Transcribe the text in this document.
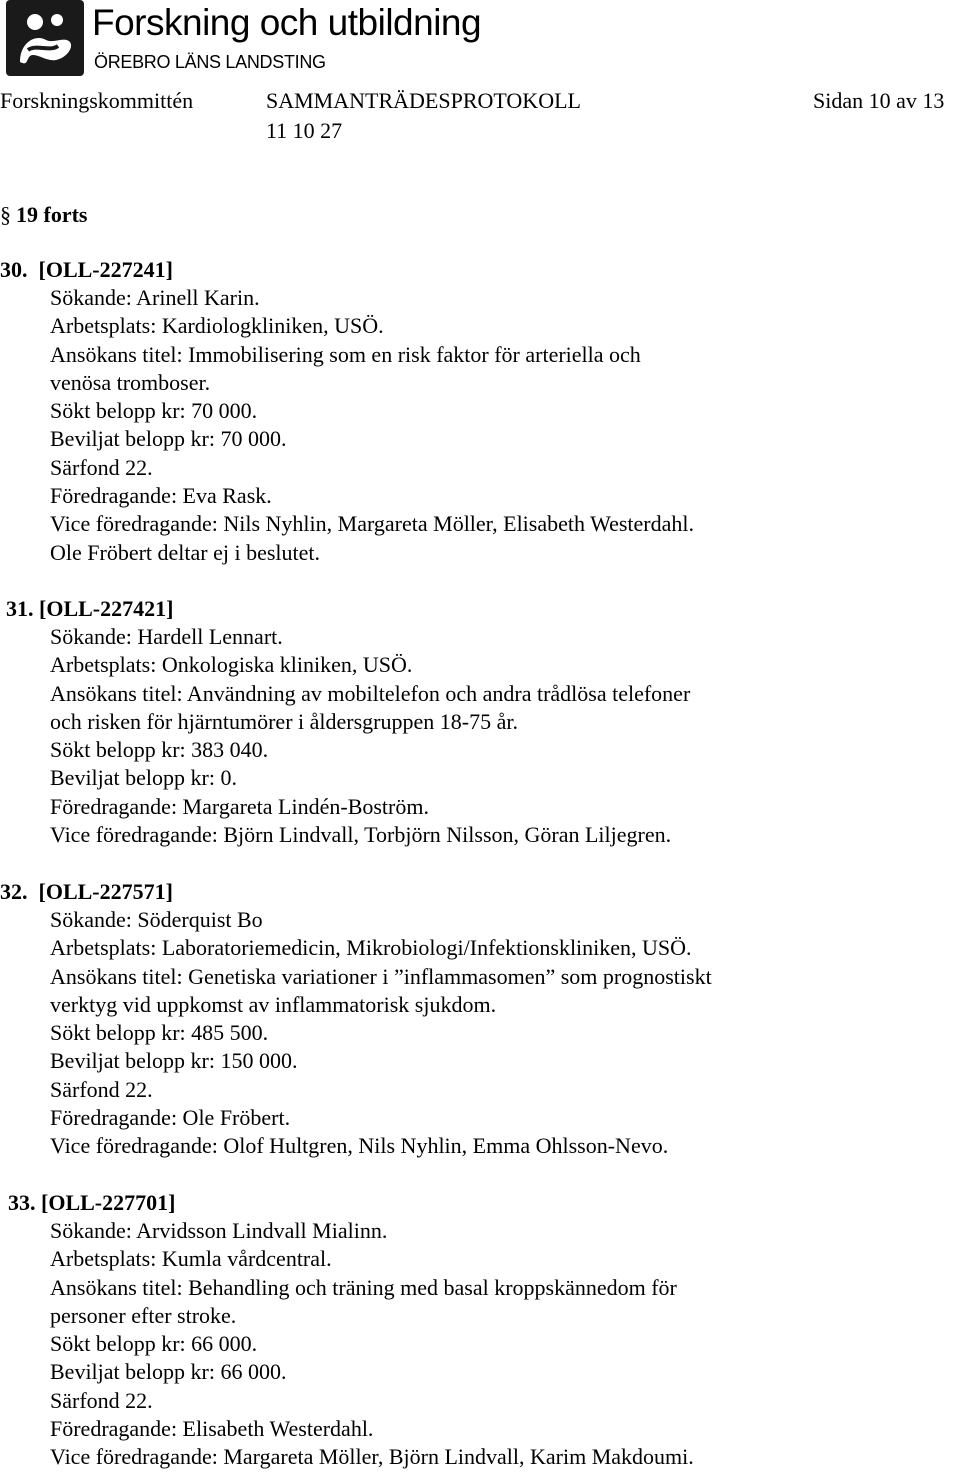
Forskning och utbildning
ÖREBRO LÄNS LANDSTING
Forskningskommittén	SAMMANTRÄDESPROTOKOLL	Sidan 10 av 13
11 10 27
§ 19 forts
30. [OLL-227241]
Sökande: Arinell Karin.
Arbetsplats: Kardiologkliniken, USÖ.
Ansökans titel: Immobilisering som en risk faktor för arteriella och
venösa tromboser.
Sökt belopp kr: 70 000.
Beviljat belopp kr: 70 000.
Särfond 22.
Föredragande: Eva Rask.
Vice föredragande: Nils Nyhlin, Margareta Möller, Elisabeth Westerdahl.
Ole Fröbert deltar ej i beslutet.
31. [OLL-227421]
Sökande: Hardell Lennart.
Arbetsplats: Onkologiska kliniken, USÖ.
Ansökans titel: Användning av mobiltelefon och andra trådlösa telefoner
och risken för hjärntumörer i åldersgruppen 18-75 år.
Sökt belopp kr: 383 040.
Beviljat belopp kr: 0.
Föredragande: Margareta Lindén-Boström.
Vice föredragande: Björn Lindvall, Torbjörn Nilsson, Göran Liljegren.
32. [OLL-227571]
Sökande: Söderquist Bo
Arbetsplats: Laboratoriemedicin, Mikrobiologi/Infektionskliniken, USÖ.
Ansökans titel: Genetiska variationer i ”inflammasomen” som prognostiskt
verktyg vid uppkomst av inflammatorisk sjukdom.
Sökt belopp kr: 485 500.
Beviljat belopp kr: 150 000.
Särfond 22.
Föredragande: Ole Fröbert.
Vice föredragande: Olof Hultgren, Nils Nyhlin, Emma Ohlsson-Nevo.
33. [OLL-227701]
Sökande: Arvidsson Lindvall Mialinn.
Arbetsplats: Kumla vårdcentral.
Ansökans titel: Behandling och träning med basal kroppskännedom för
personer efter stroke.
Sökt belopp kr: 66 000.
Beviljat belopp kr: 66 000.
Särfond 22.
Föredragande: Elisabeth Westerdahl.
Vice föredragande: Margareta Möller, Björn Lindvall, Karim Makdoumi.
